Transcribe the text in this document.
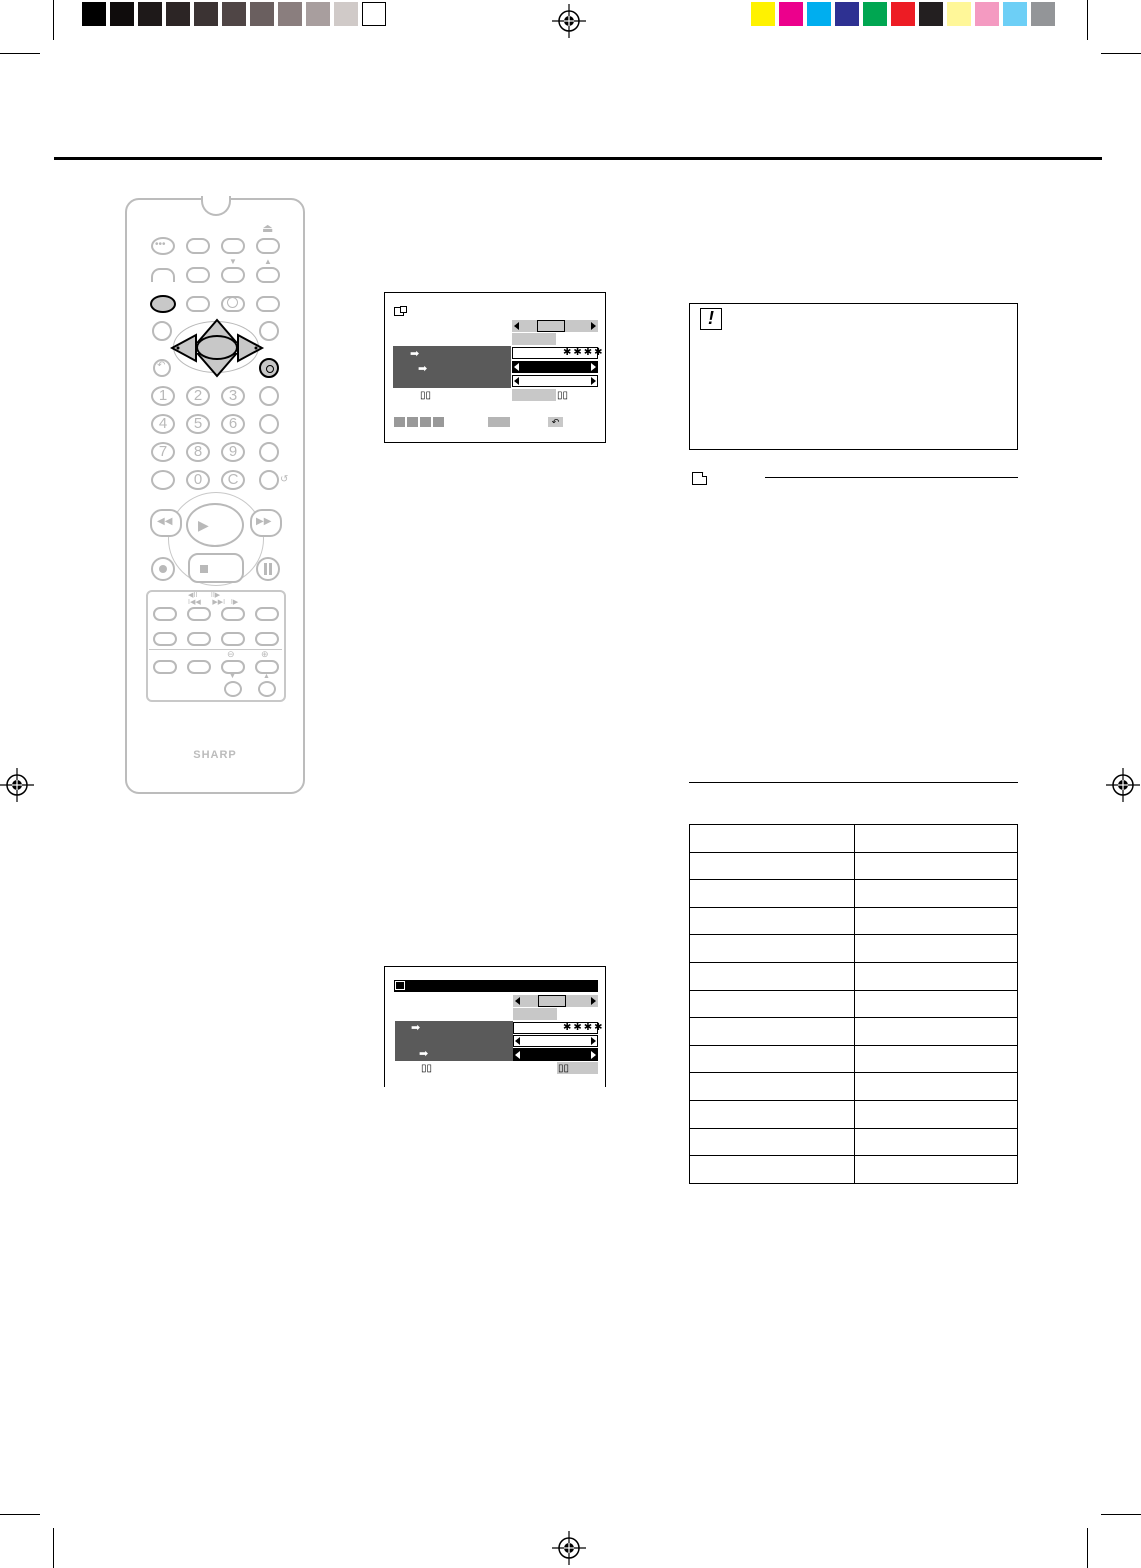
•••
⏏
▼	▲
↶
1	2	3
4	5	6
7	8	9
0	C	↺
◀◀ ▶	▶▶
◀II       II▶
I◀◀      ▶▶I   I▶
⊖	⊕
▼	▲
SHARP
➡
➡
✱✱✱✱
▯▯	▯▯
↶
➡
➡
✱✱✱✱
▯▯	▯▯
!
